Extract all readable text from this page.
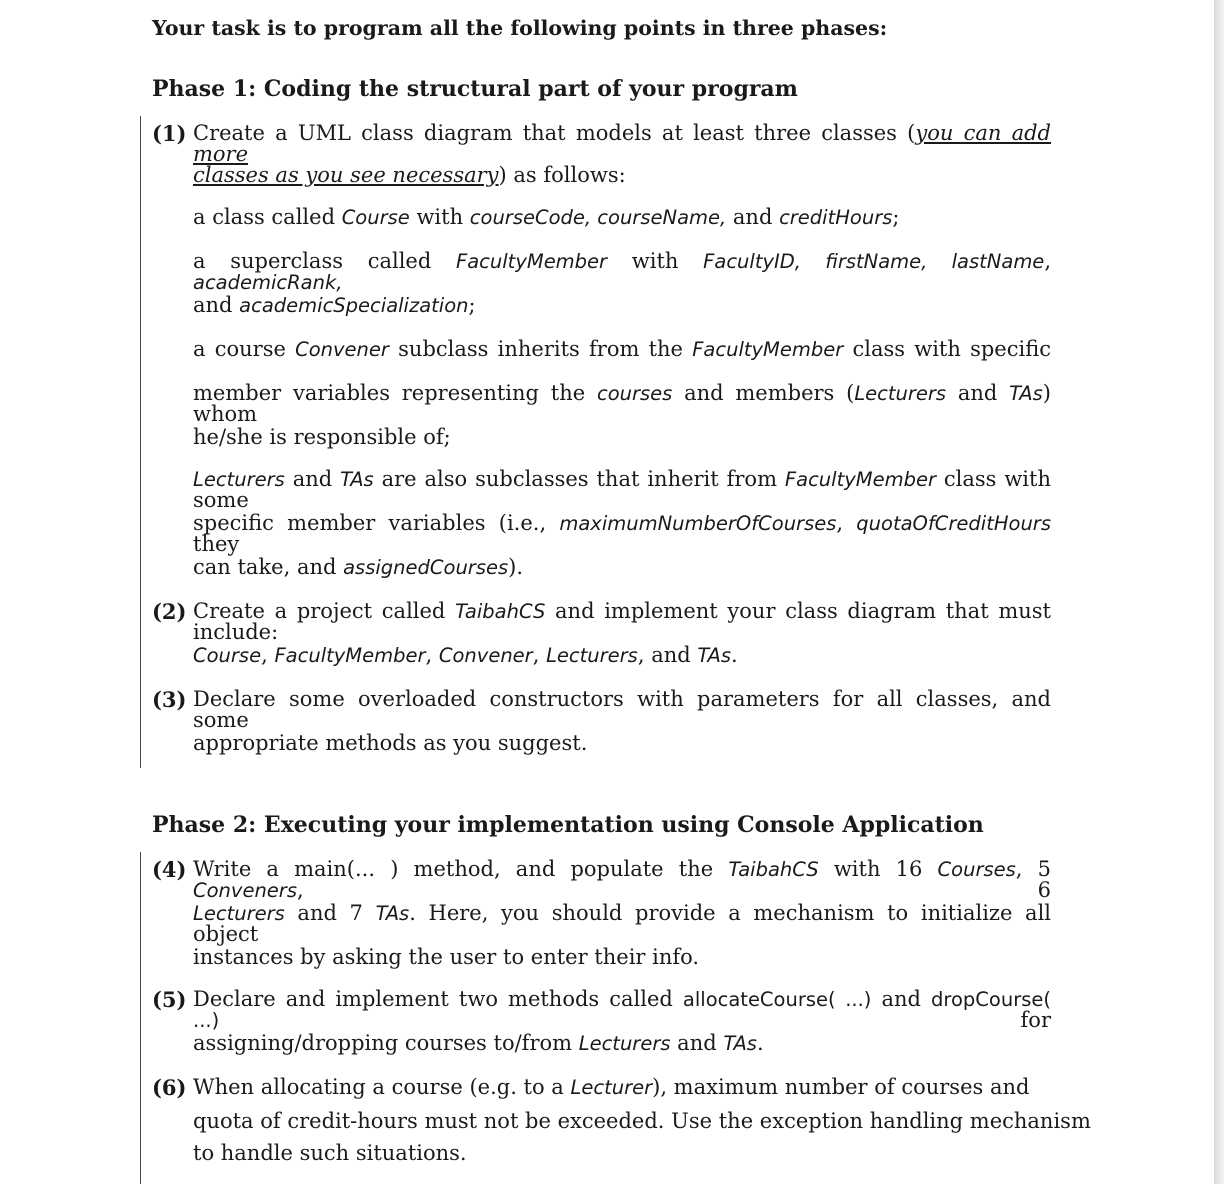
Your task is to program all the following points in three phases:
Phase 1: Coding the structural part of your program
(1) Create a UML class diagram that models at least three classes (you can add more
classes as you see necessary) as follows:
a class called Course with courseCode, courseName, and creditHours;
a superclass called FacultyMember with FacultyID, firstName, lastName, academicRank,
and academicSpecialization;
a course Convener subclass inherits from the FacultyMember class with specific
member variables representing the courses and members (Lecturers and TAs) whom
he/she is responsible of;
Lecturers and TAs are also subclasses that inherit from FacultyMember class with some
specific member variables (i.e., maximumNumberOfCourses, quotaOfCreditHours they
can take, and assignedCourses).
(2) Create a project called TaibahCS and implement your class diagram that must include:
Course, FacultyMember, Convener, Lecturers, and TAs.
(3) Declare some overloaded constructors with parameters for all classes, and some
appropriate methods as you suggest.
Phase 2: Executing your implementation using Console Application
(4) Write a main(... ) method, and populate the TaibahCS with 16 Courses, 5 Conveners, 6
Lecturers and 7 TAs. Here, you should provide a mechanism to initialize all object
instances by asking the user to enter their info.
(5) Declare and implement two methods called allocateCourse( ...) and dropCourse( ...) for
assigning/dropping courses to/from Lecturers and TAs.
(6) When allocating a course (e.g. to a Lecturer), maximum number of courses and
quota of credit-hours must not be exceeded. Use the exception handling mechanism
to handle such situations.
